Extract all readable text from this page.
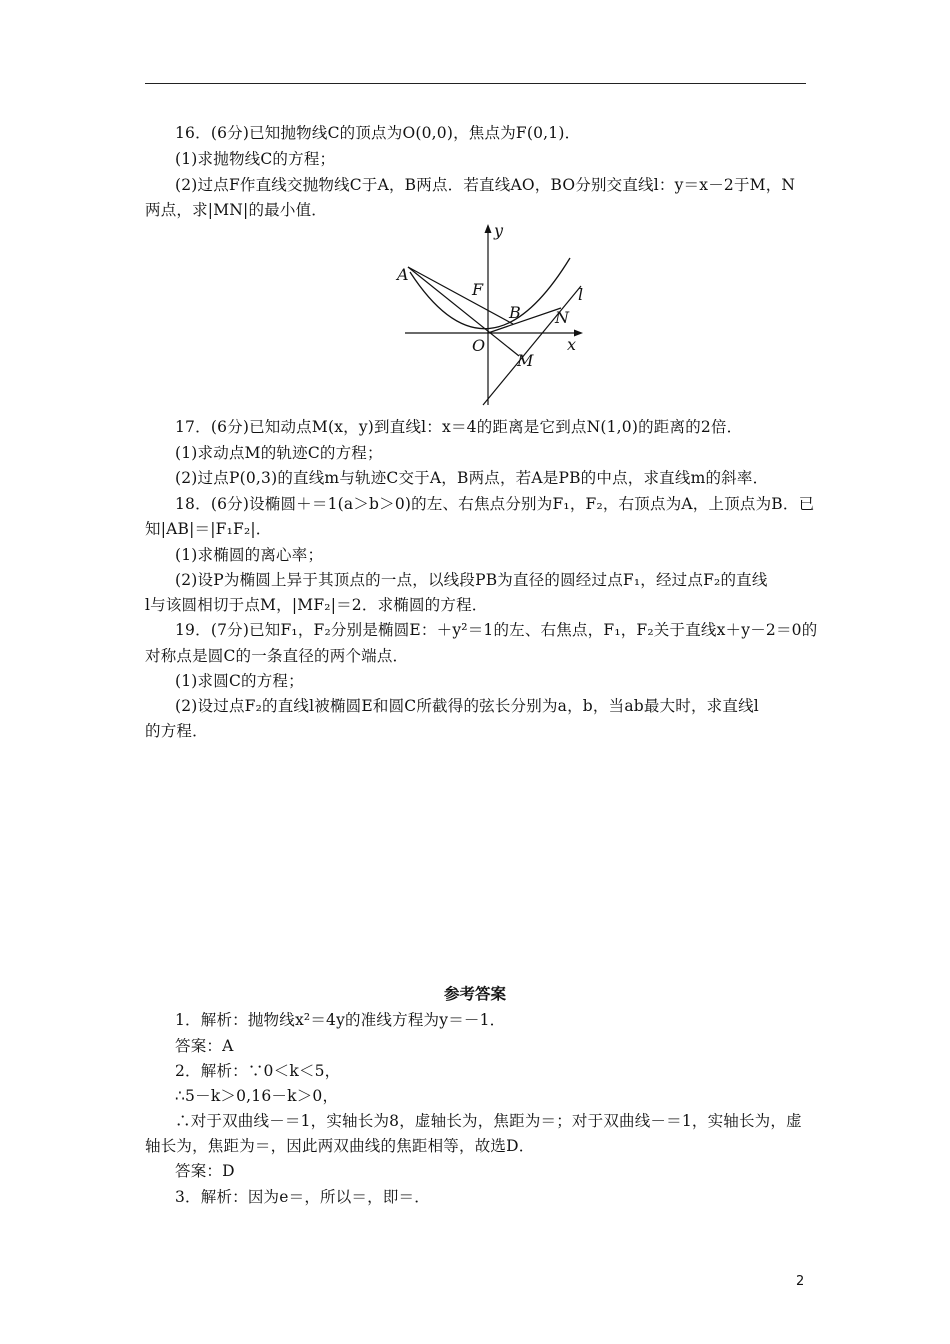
16．(6分)已知抛物线C的顶点为O(0,0)，焦点为F(0,1)．
(1)求抛物线C的方程；
(2)过点F作直线交抛物线C于A，B两点．若直线AO，BO分别交直线l：y＝x－2于M，N
两点，求|MN|的最小值．
y
x
A
F
B N
O
M
l
17．(6分)已知动点M(x，y)到直线l：x＝4的距离是它到点N(1,0)的距离的2倍．
(1)求动点M的轨迹C的方程；
(2)过点P(0,3)的直线m与轨迹C交于A，B两点，若A是PB的中点，求直线m的斜率．
18．(6分)设椭圆＋＝1(a＞b＞0)的左、右焦点分别为F₁，F₂，右顶点为A，上顶点为B．已
知|AB|＝|F₁F₂|．
(1)求椭圆的离心率；
(2)设P为椭圆上异于其顶点的一点，以线段PB为直径的圆经过点F₁，经过点F₂的直线
l与该圆相切于点M，|MF₂|＝2．求椭圆的方程．
19．(7分)已知F₁，F₂分别是椭圆E：＋y²＝1的左、右焦点，F₁，F₂关于直线x＋y－2＝0的
对称点是圆C的一条直径的两个端点．
(1)求圆C的方程；
(2)设过点F₂的直线l被椭圆E和圆C所截得的弦长分别为a，b，当ab最大时，求直线l
的方程．
参考答案
1．解析：抛物线x²＝4y的准线方程为y＝－1．
答案：A
2．解析：∵0＜k＜5，
∴5－k＞0,16－k＞0，
∴对于双曲线－＝1，实轴长为8，虚轴长为，焦距为＝；对于双曲线－＝1，实轴长为，虚
轴长为，焦距为＝，因此两双曲线的焦距相等，故选D．
答案：D
3．解析：因为e＝，所以＝，即＝．
2
